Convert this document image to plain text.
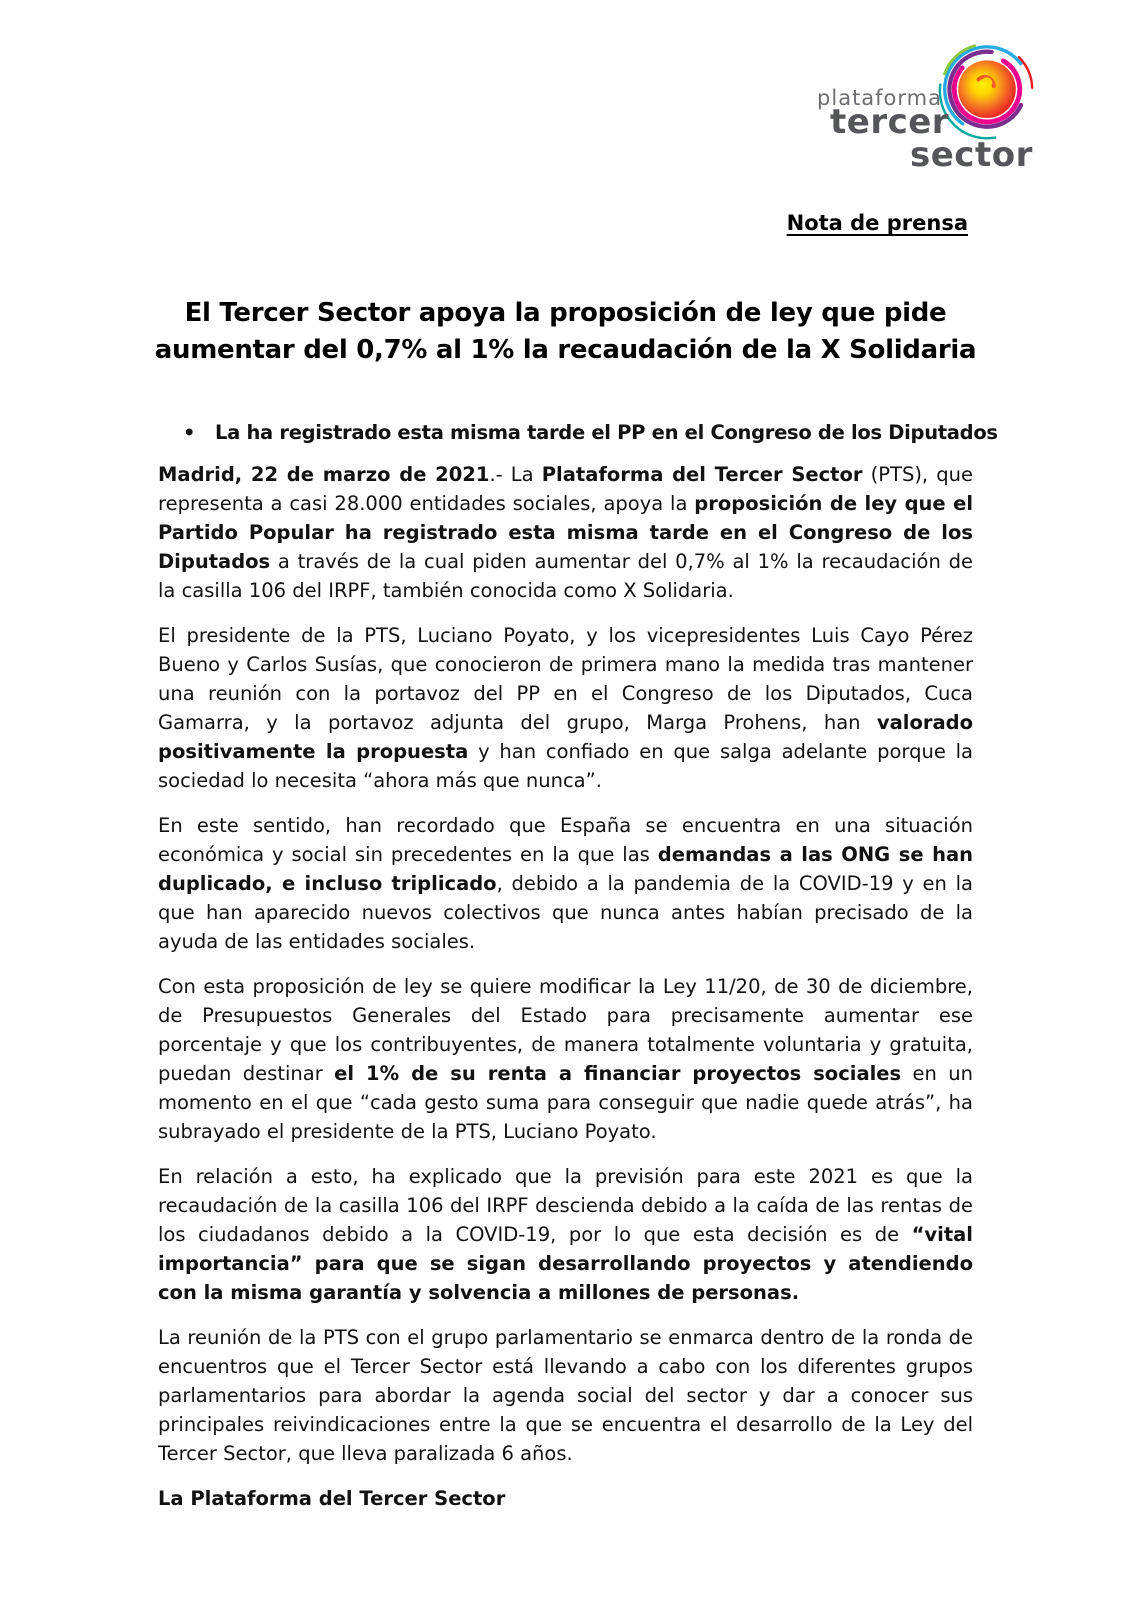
plataforma
tercer
sector
Nota de prensa
El Tercer Sector apoya la proposición de ley que pide
aumentar del 0,7% al 1% la recaudación de la X Solidaria
•	La ha registrado esta misma tarde el PP en el Congreso de los Diputados

Madrid, 22 de marzo de 2021.- La Plataforma del Tercer Sector (PTS), que representa a casi 28.000 entidades sociales, apoya la proposición de ley que el Partido Popular ha registrado esta misma tarde en el Congreso de los Diputados a través de la cual piden aumentar del 0,7% al 1% la recaudación de la casilla 106 del IRPF, también conocida como X Solidaria.

El presidente de la PTS, Luciano Poyato, y los vicepresidentes Luis Cayo Pérez Bueno y Carlos Susías, que conocieron de primera mano la medida tras mantener una reunión con la portavoz del PP en el Congreso de los Diputados, Cuca Gamarra, y la portavoz adjunta del grupo, Marga Prohens, han valorado positivamente la propuesta y han confiado en que salga adelante porque la sociedad lo necesita “ahora más que nunca”.

En este sentido, han recordado que España se encuentra en una situación económica y social sin precedentes en la que las demandas a las ONG se han duplicado, e incluso triplicado, debido a la pandemia de la COVID-19 y en la que han aparecido nuevos colectivos que nunca antes habían precisado de la ayuda de las entidades sociales.

Con esta proposición de ley se quiere modificar la Ley 11/20, de 30 de diciembre, de Presupuestos Generales del Estado para precisamente aumentar ese porcentaje y que los contribuyentes, de manera totalmente voluntaria y gratuita, puedan destinar el 1% de su renta a financiar proyectos sociales en un momento en el que “cada gesto suma para conseguir que nadie quede atrás”, ha subrayado el presidente de la PTS, Luciano Poyato.

En relación a esto, ha explicado que la previsión para este 2021 es que la recaudación de la casilla 106 del IRPF descienda debido a la caída de las rentas de los ciudadanos debido a la COVID-19, por lo que esta decisión es de “vital importancia” para que se sigan desarrollando proyectos y atendiendo con la misma garantía y solvencia a millones de personas.

La reunión de la PTS con el grupo parlamentario se enmarca dentro de la ronda de encuentros que el Tercer Sector está llevando a cabo con los diferentes grupos parlamentarios para abordar la agenda social del sector y dar a conocer sus principales reivindicaciones entre la que se encuentra el desarrollo de la Ley del Tercer Sector, que lleva paralizada 6 años.

La Plataforma del Tercer Sector
